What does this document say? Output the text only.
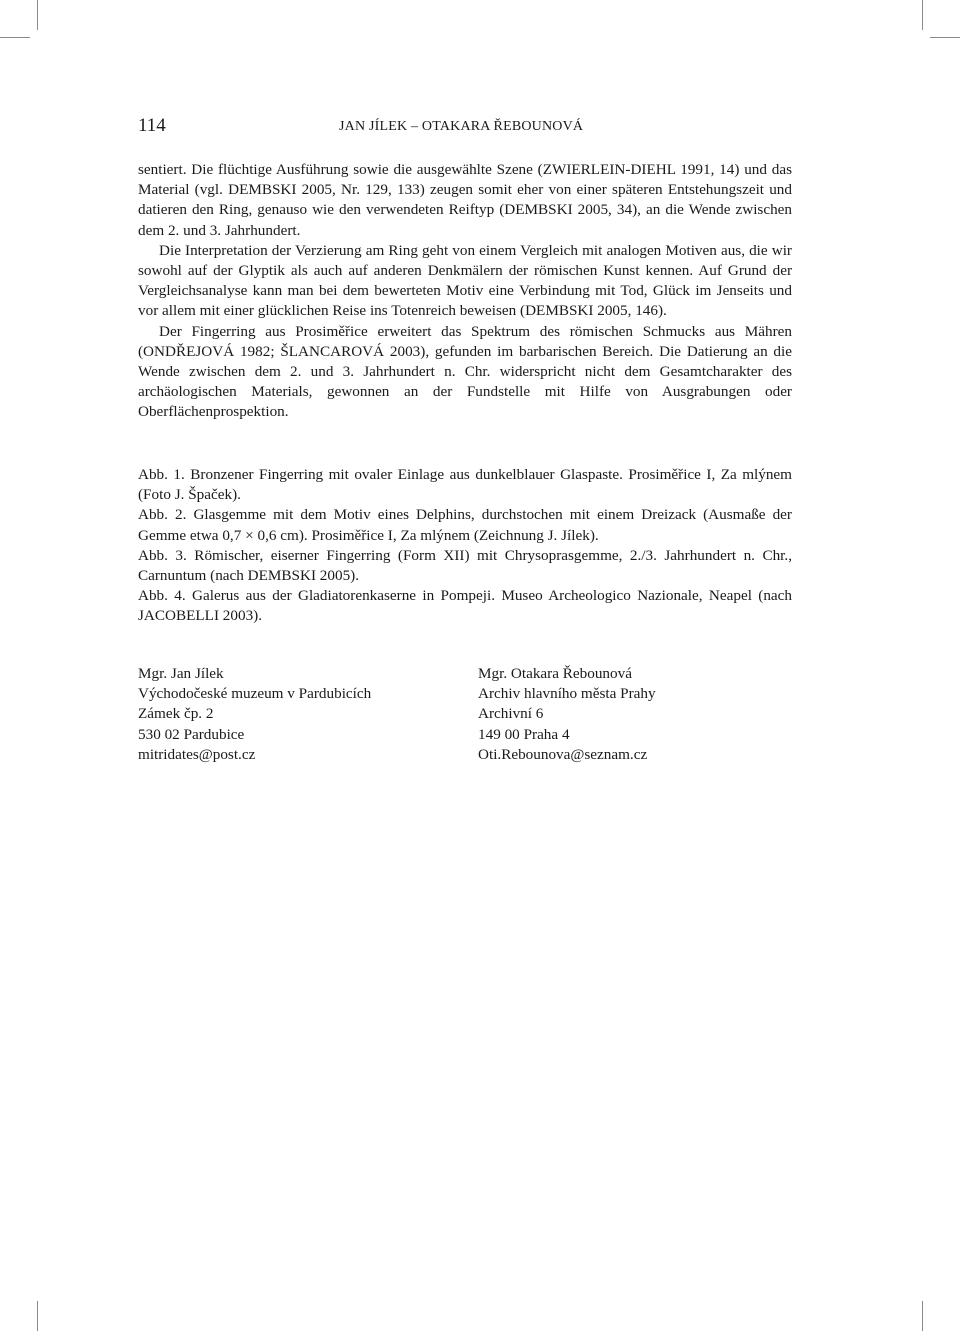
114	JAN JÍLEK – OTAKARA ŘEBOUNOVÁ

sentiert. Die flüchtige Ausführung sowie die ausgewählte Szene (ZWIERLEIN-DIEHL 1991, 14) und das Material (vgl. DEMBSKI 2005, Nr. 129, 133) zeugen somit eher von einer späteren Entstehungszeit und datieren den Ring, genauso wie den verwendeten Reiftyp (DEMBSKI 2005, 34), an die Wende zwischen dem 2. und 3. Jahrhundert.

Die Interpretation der Verzierung am Ring geht von einem Vergleich mit analogen Motiven aus, die wir sowohl auf der Glyptik als auch auf anderen Denkmälern der römischen Kunst kennen. Auf Grund der Vergleichsanalyse kann man bei dem bewerteten Motiv eine Verbindung mit Tod, Glück im Jenseits und vor allem mit einer glücklichen Reise ins Totenreich beweisen (DEMBSKI 2005, 146).

Der Fingerring aus Prosiměřice erweitert das Spektrum des römischen Schmucks aus Mähren (ONDŘEJOVÁ 1982; ŠLANCAROVÁ 2003), gefunden im barbarischen Bereich. Die Datierung an die Wende zwischen dem 2. und 3. Jahrhundert n. Chr. widerspricht nicht dem Gesamtcharakter des archäologischen Materials, gewonnen an der Fundstelle mit Hilfe von Ausgrabungen oder Oberflächenprospektion.

Abb. 1. Bronzener Fingerring mit ovaler Einlage aus dunkelblauer Glaspaste. Prosiměřice I, Za mlýnem (Foto J. Špaček).

Abb. 2. Glasgemme mit dem Motiv eines Delphins, durchstochen mit einem Dreizack (Ausmaße der Gemme etwa 0,7 × 0,6 cm). Prosiměřice I, Za mlýnem (Zeichnung J. Jílek).

Abb. 3. Römischer, eiserner Fingerring (Form XII) mit Chrysoprasgemme, 2./3. Jahrhundert n. Chr., Carnuntum (nach DEMBSKI 2005).

Abb. 4. Galerus aus der Gladiatorenkaserne in Pompeji. Museo Archeologico Nazionale, Neapel (nach JACOBELLI 2003).

Mgr. Jan Jílek
Východočeské muzeum v Pardubicích
Zámek čp. 2
530 02 Pardubice
mitridates@post.cz
Mgr. Otakara Řebounová
Archiv hlavního města Prahy
Archivní 6
149 00 Praha 4
Oti.Rebounova@seznam.cz
